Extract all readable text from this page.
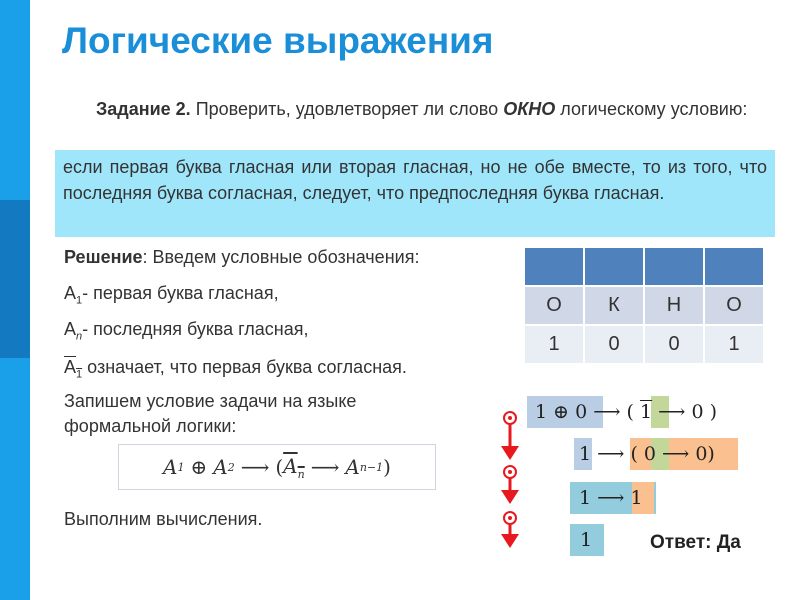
Логические выражения
Задание 2. Проверить, удовлетворяет ли слово ОКНО логическому условию:
если первая буква гласная или вторая гласная, но не обе вместе, то из того, что последняя буква согласная, следует, что предпоследняя буква гласная.
Решение: Введем условные обозначения:
$А_1-$ первая буква гласная,
$А_n-$ последняя буква гласная,
$А_1$ означает, что первая буква согласная.
Запишем условие задачи на языке
формальной логики:
A 1 ⊕ A 2 ⟶ ( $A_n$ ⟶ A n−1 )
Выполним вычисления.

О	К	Н	О
1	0	0	1
1 ⊕ 0 ⟶ ( 1 ⟶ 0 )
1 ⟶ ( 0 ⟶ 0)
1 ⟶ 1
1	Ответ: Да
